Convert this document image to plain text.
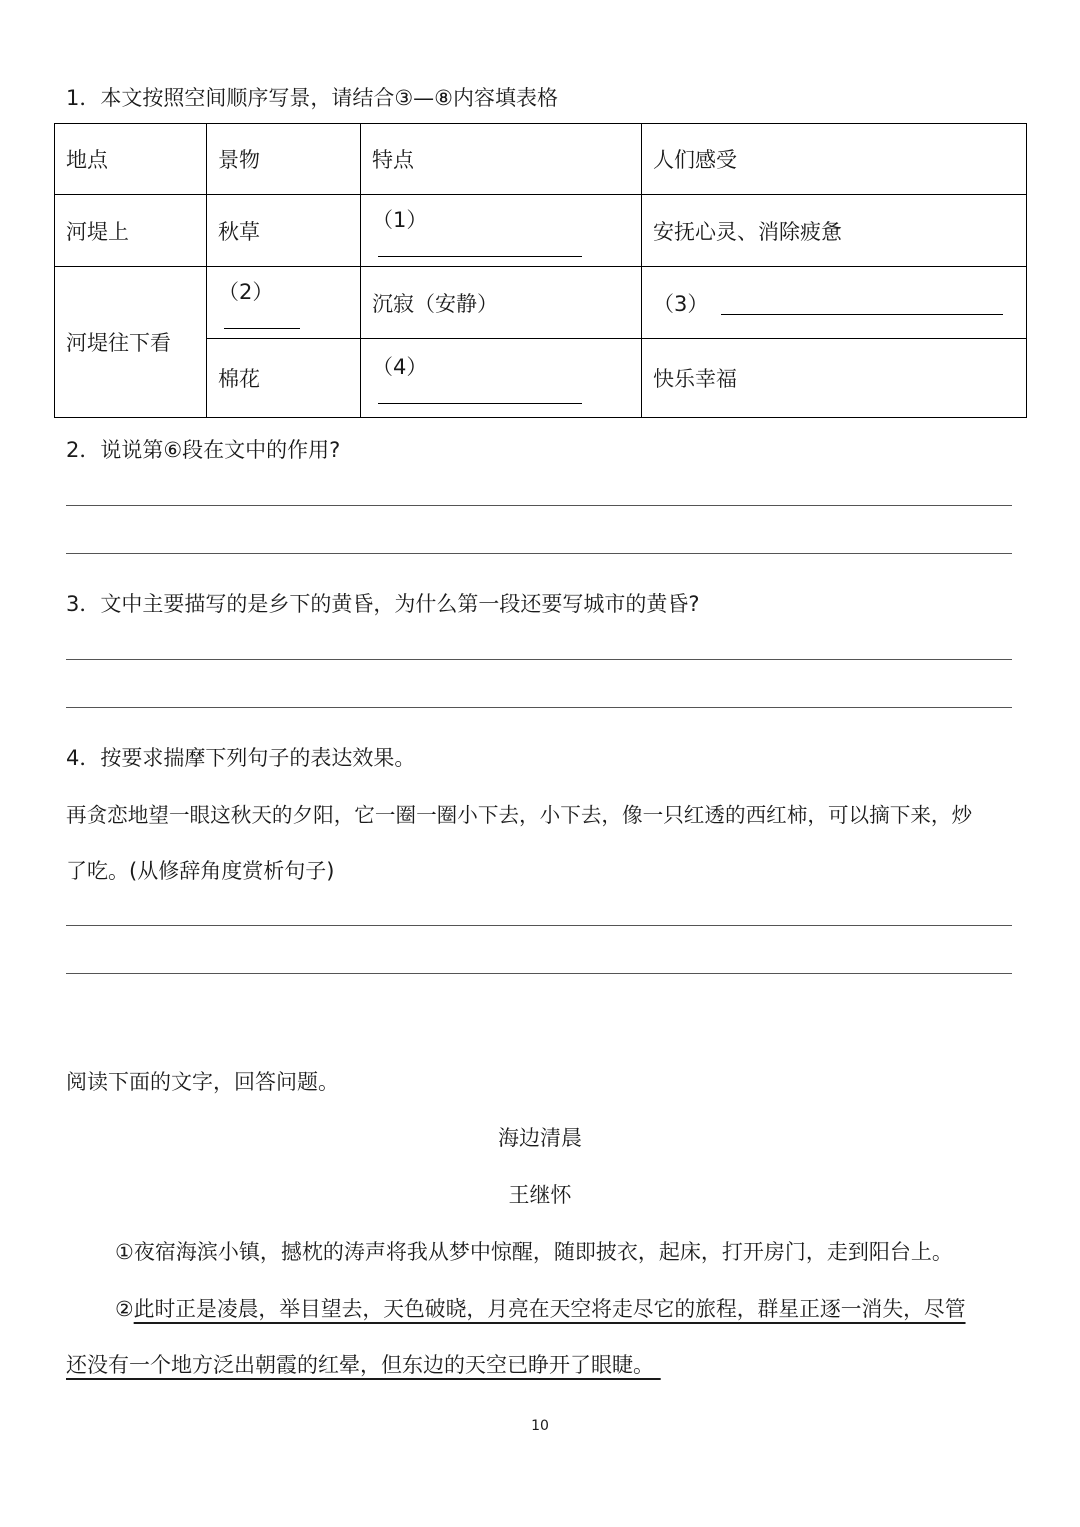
1．本文按照空间顺序写景，请结合③—⑧内容填表格
地点	景物	特点	人们感受
河堤上	秋草	（1）	安抚心灵、消除疲惫
河堤往下看	（2）	沉寂（安静）	（3）
	棉花	（4）	快乐幸福
2．说说第⑥段在文中的作用?
3．文中主要描写的是乡下的黄昏，为什么第一段还要写城市的黄昏?
4．按要求揣摩下列句子的表达效果。
再贪恋地望一眼这秋天的夕阳，它一圈一圈小下去，小下去，像一只红透的西红柿，可以摘下来，炒
了吃。(从修辞角度赏析句子)
阅读下面的文字，回答问题。
海边清晨
王继怀
①夜宿海滨小镇，撼枕的涛声将我从梦中惊醒，随即披衣，起床，打开房门，走到阳台上。
②此时正是凌晨，举目望去，天色破晓，月亮在天空将走尽它的旅程，群星正逐一消失，尽管
还没有一个地方泛出朝霞的红晕，但东边的天空已睁开了眼睫。
10
